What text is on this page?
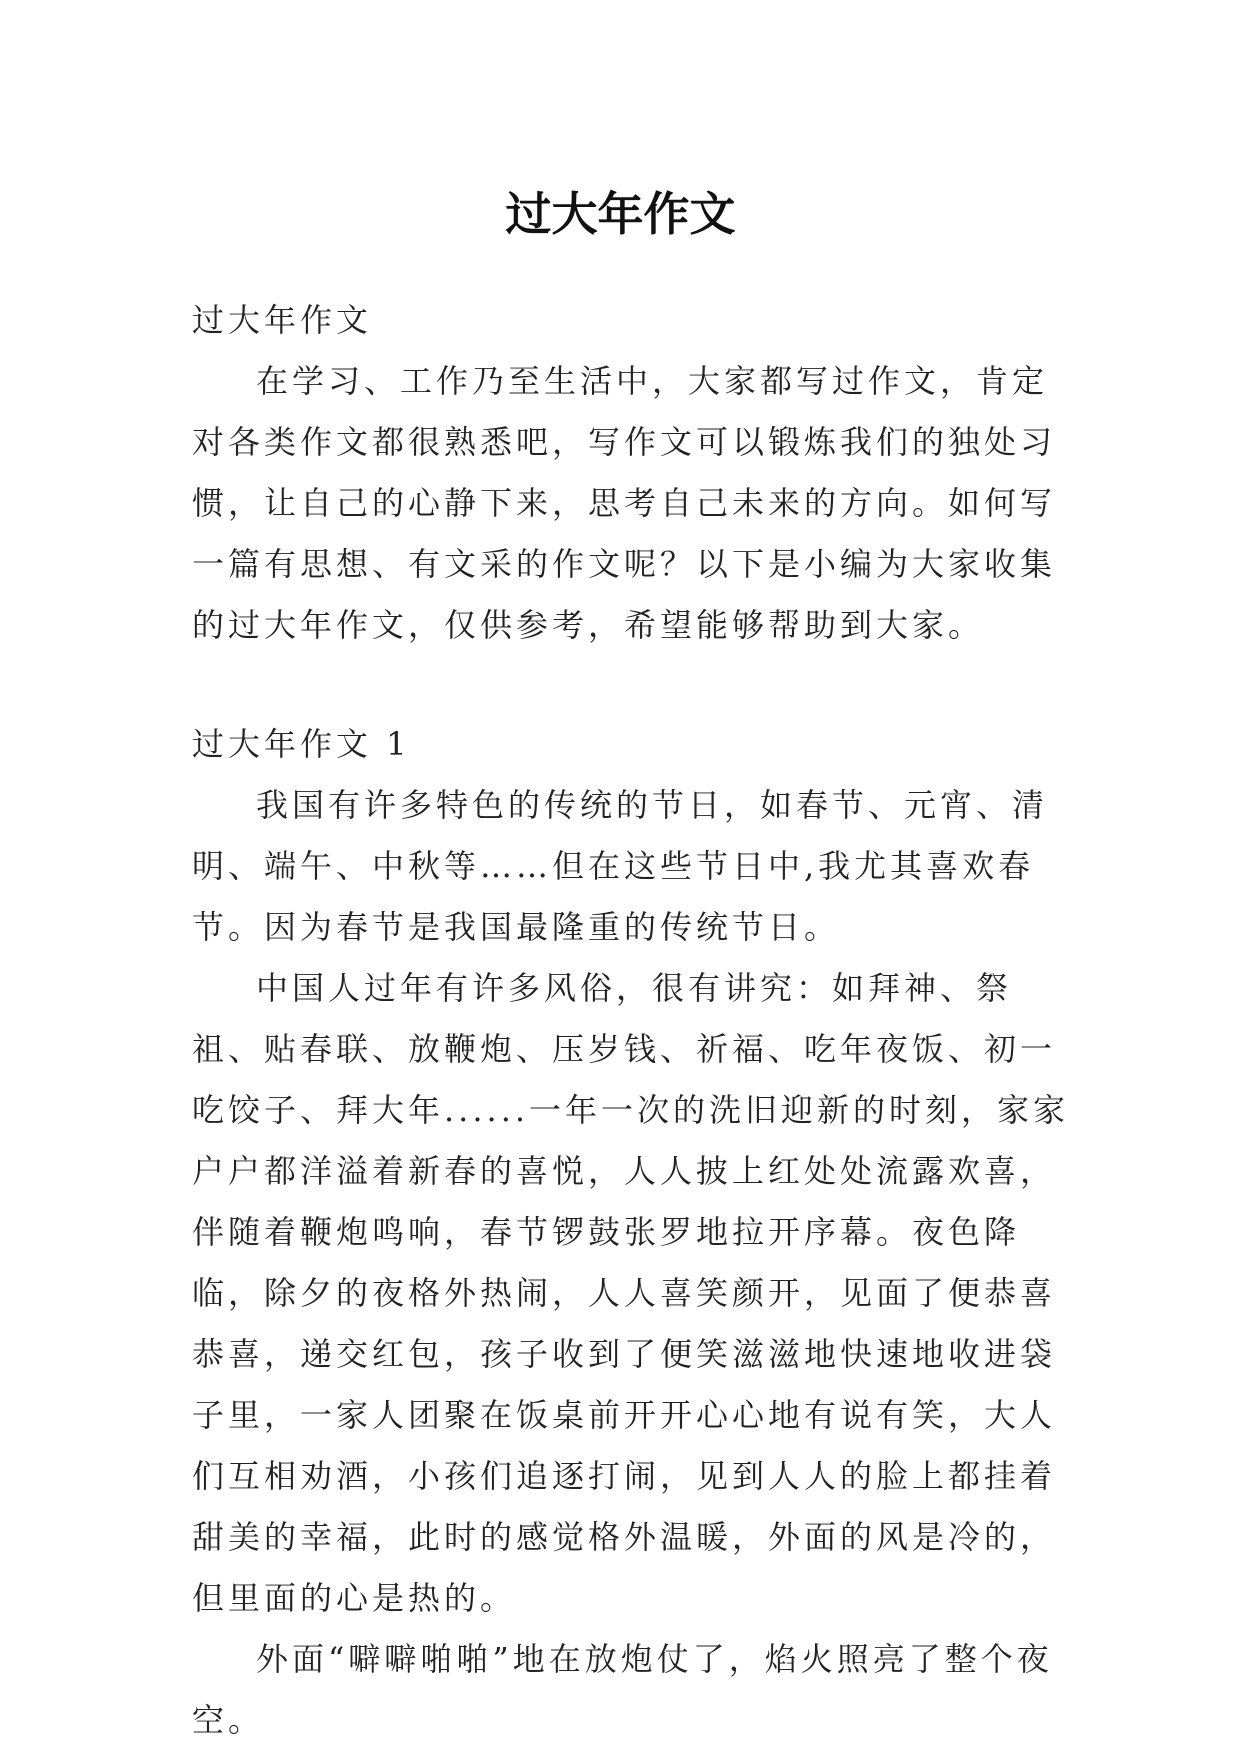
过大年作文

过大年作文

在学习、工作乃至生活中，大家都写过作文，肯定对各类作文都很熟悉吧，写作文可以锻炼我们的独处习惯，让自己的心静下来，思考自己未来的方向。如何写一篇有思想、有文采的作文呢？以下是小编为大家收集的过大年作文，仅供参考，希望能够帮助到大家。

过大年作文 1

我国有许多特色的传统的节日，如春节、元宵、清明、端午、中秋等……但在这些节日中,我尤其喜欢春节。因为春节是我国最隆重的传统节日。

中国人过年有许多风俗，很有讲究：如拜神、祭祖、贴春联、放鞭炮、压岁钱、祈福、吃年夜饭、初一吃饺子、拜大年......一年一次的洗旧迎新的时刻，家家户户都洋溢着新春的喜悦，人人披上红处处流露欢喜，伴随着鞭炮鸣响，春节锣鼓张罗地拉开序幕。夜色降临，除夕的夜格外热闹，人人喜笑颜开，见面了便恭喜恭喜，递交红包，孩子收到了便笑滋滋地快速地收进袋子里，一家人团聚在饭桌前开开心心地有说有笑，大人们互相劝酒，小孩们追逐打闹，见到人人的脸上都挂着甜美的幸福，此时的感觉格外温暖，外面的风是冷的，但里面的心是热的。

外面“噼噼啪啪”地在放炮仗了，焰火照亮了整个夜空。
